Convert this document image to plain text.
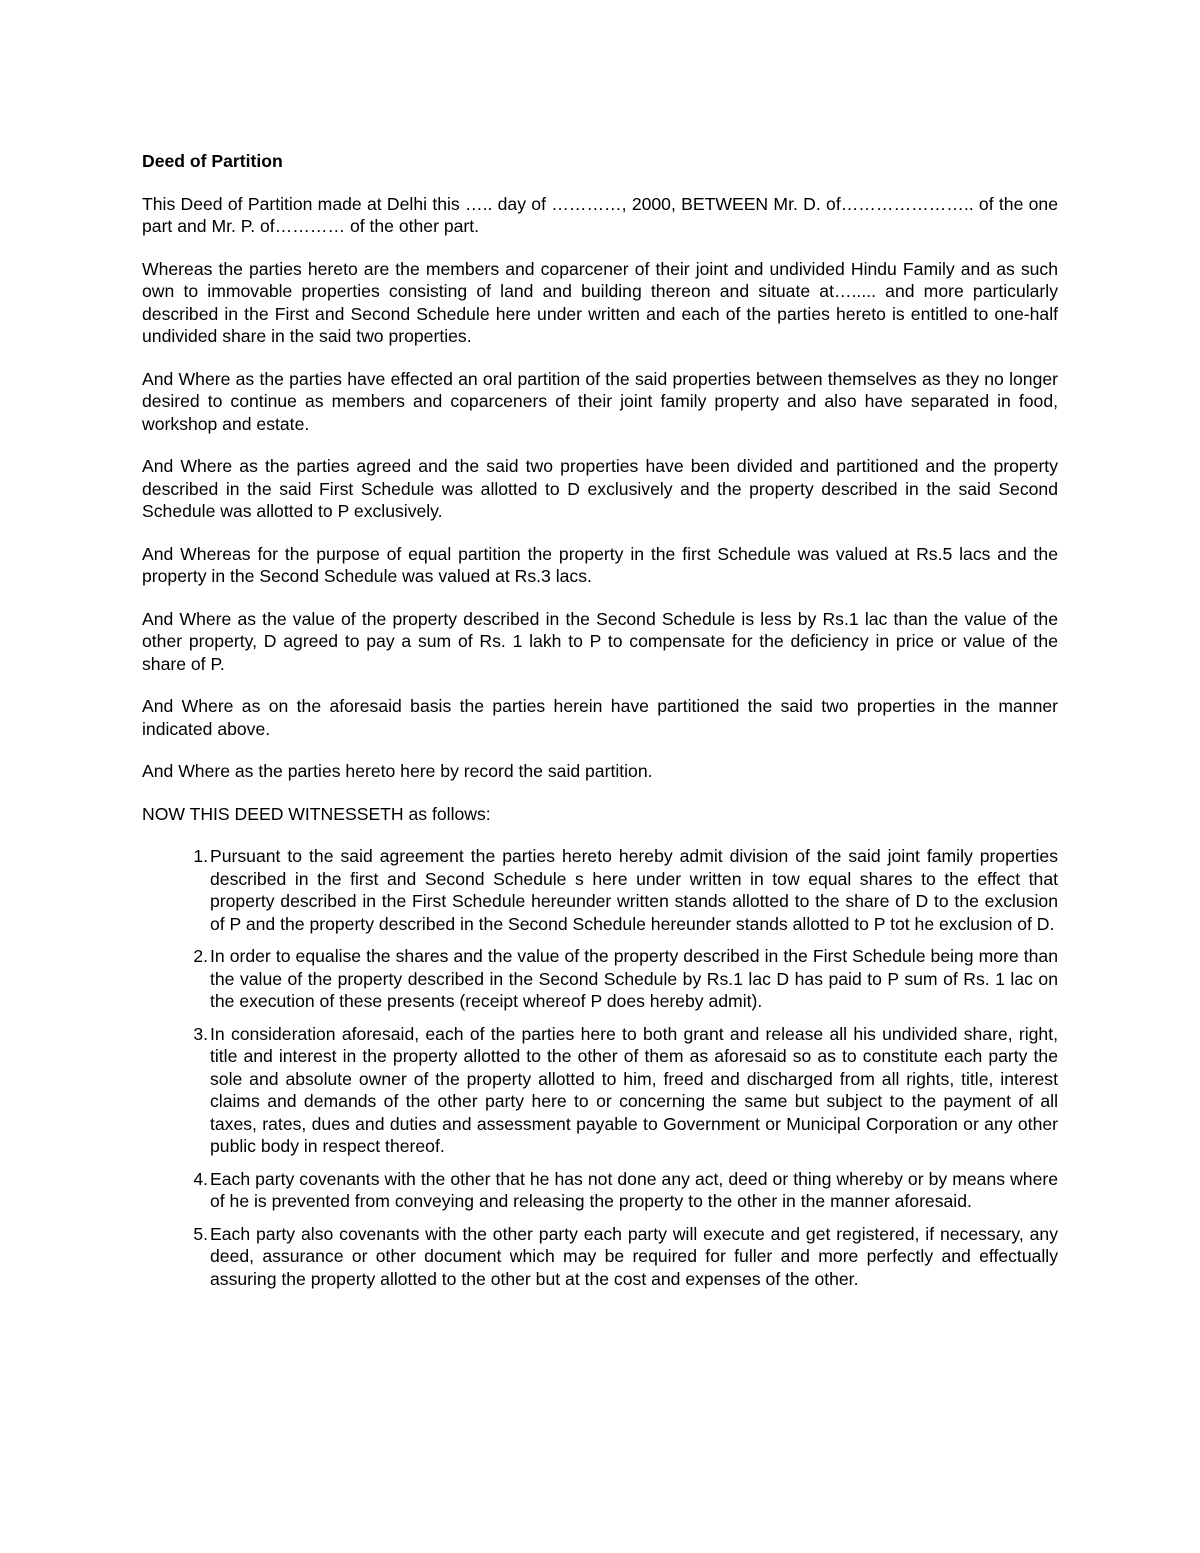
Deed of Partition

This Deed of Partition made at Delhi this ….. day of …………, 2000, BETWEEN Mr. D. of………………….. of the one part and Mr. P. of………… of the other part.

Whereas the parties hereto are the members and coparcener of their joint and undivided Hindu Family and as such own to immovable properties consisting of land and building thereon and situate at…..... and more particularly described in the First and Second Schedule here under written and each of the parties hereto is entitled to one-half undivided share in the said two properties.

And Where as the parties have effected an oral partition of the said properties between themselves as they no longer desired to continue as members and coparceners of their joint family property and also have separated in food, workshop and estate.

And Where as the parties agreed and the said two properties have been divided and partitioned and the property described in the said First Schedule was allotted to D exclusively and the property described in the said Second Schedule was allotted to P exclusively.

And Whereas for the purpose of equal partition the property in the first Schedule was valued at Rs.5 lacs and the property in the Second Schedule was valued at Rs.3 lacs.

And Where as the value of the property described in the Second Schedule is less by Rs.1 lac than the value of the other property, D agreed to pay a sum of Rs. 1 lakh to P to compensate for the deficiency in price or value of the share of P.

And Where as on the aforesaid basis the parties herein have partitioned the said two properties in the manner indicated above.

And Where as the parties hereto here by record the said partition.

NOW THIS DEED WITNESSETH as follows:

1. Pursuant to the said agreement the parties hereto hereby admit division of the said joint family properties described in the first and Second Schedule s here under written in tow equal shares to the effect that property described in the First Schedule hereunder written stands allotted to the share of D to the exclusion of P and the property described in the Second Schedule hereunder stands allotted to P tot he exclusion of D.
2. In order to equalise the shares and the value of the property described in the First Schedule being more than the value of the property described in the Second Schedule by Rs.1 lac D has paid to P sum of Rs. 1 lac on the execution of these presents (receipt whereof P does hereby admit).
3. In consideration aforesaid, each of the parties here to both grant and release all his undivided share, right, title and interest in the property allotted to the other of them as aforesaid so as to constitute each party the sole and absolute owner of the property allotted to him, freed and discharged from all rights, title, interest claims and demands of the other party here to or concerning the same but subject to the payment of all taxes, rates, dues and duties and assessment payable to Government or Municipal Corporation or any other public body in respect thereof.
4. Each party covenants with the other that he has not done any act, deed or thing whereby or by means where of he is prevented from conveying and releasing the property to the other in the manner aforesaid.
5. Each party also covenants with the other party each party will execute and get registered, if necessary, any deed, assurance or other document which may be required for fuller and more perfectly and effectually assuring the property allotted to the other but at the cost and expenses of the other.
